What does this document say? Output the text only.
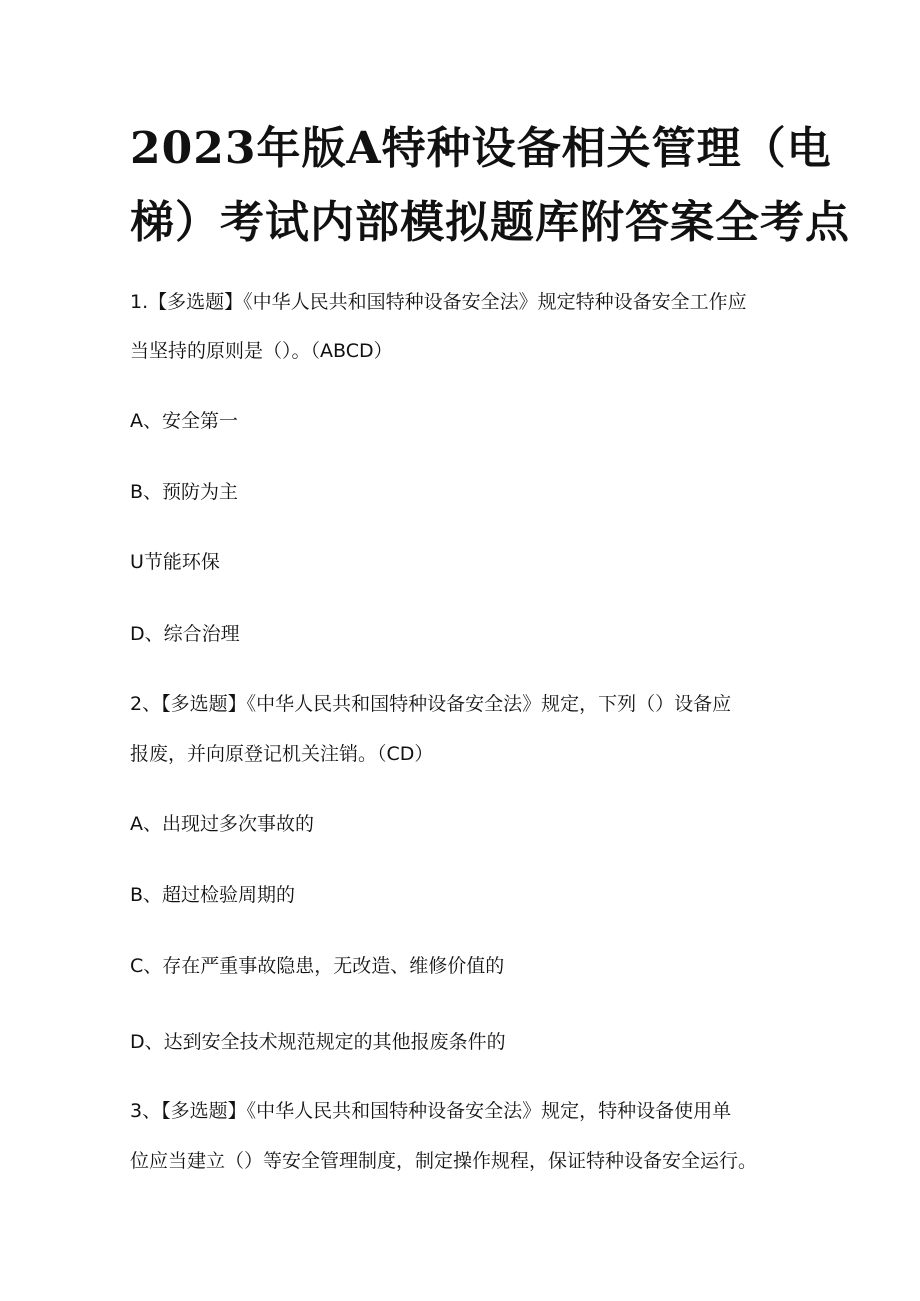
2023年版A特种设备相关管理（电
梯）考试内部模拟题库附答案全考点
1.【多选题】《中华人民共和国特种设备安全法》规定特种设备安全工作应
当坚持的原则是（）。（ABCD）
A、安全第一
B、预防为主
U节能环保
D、综合治理
2、【多选题】《中华人民共和国特种设备安全法》规定，下列（）设备应
报废，并向原登记机关注销。（CD）
A、出现过多次事故的
B、超过检验周期的
C、存在严重事故隐患，无改造、维修价值的
D、达到安全技术规范规定的其他报废条件的
3、【多选题】《中华人民共和国特种设备安全法》规定，特种设备使用单
位应当建立（）等安全管理制度，制定操作规程，保证特种设备安全运行。
